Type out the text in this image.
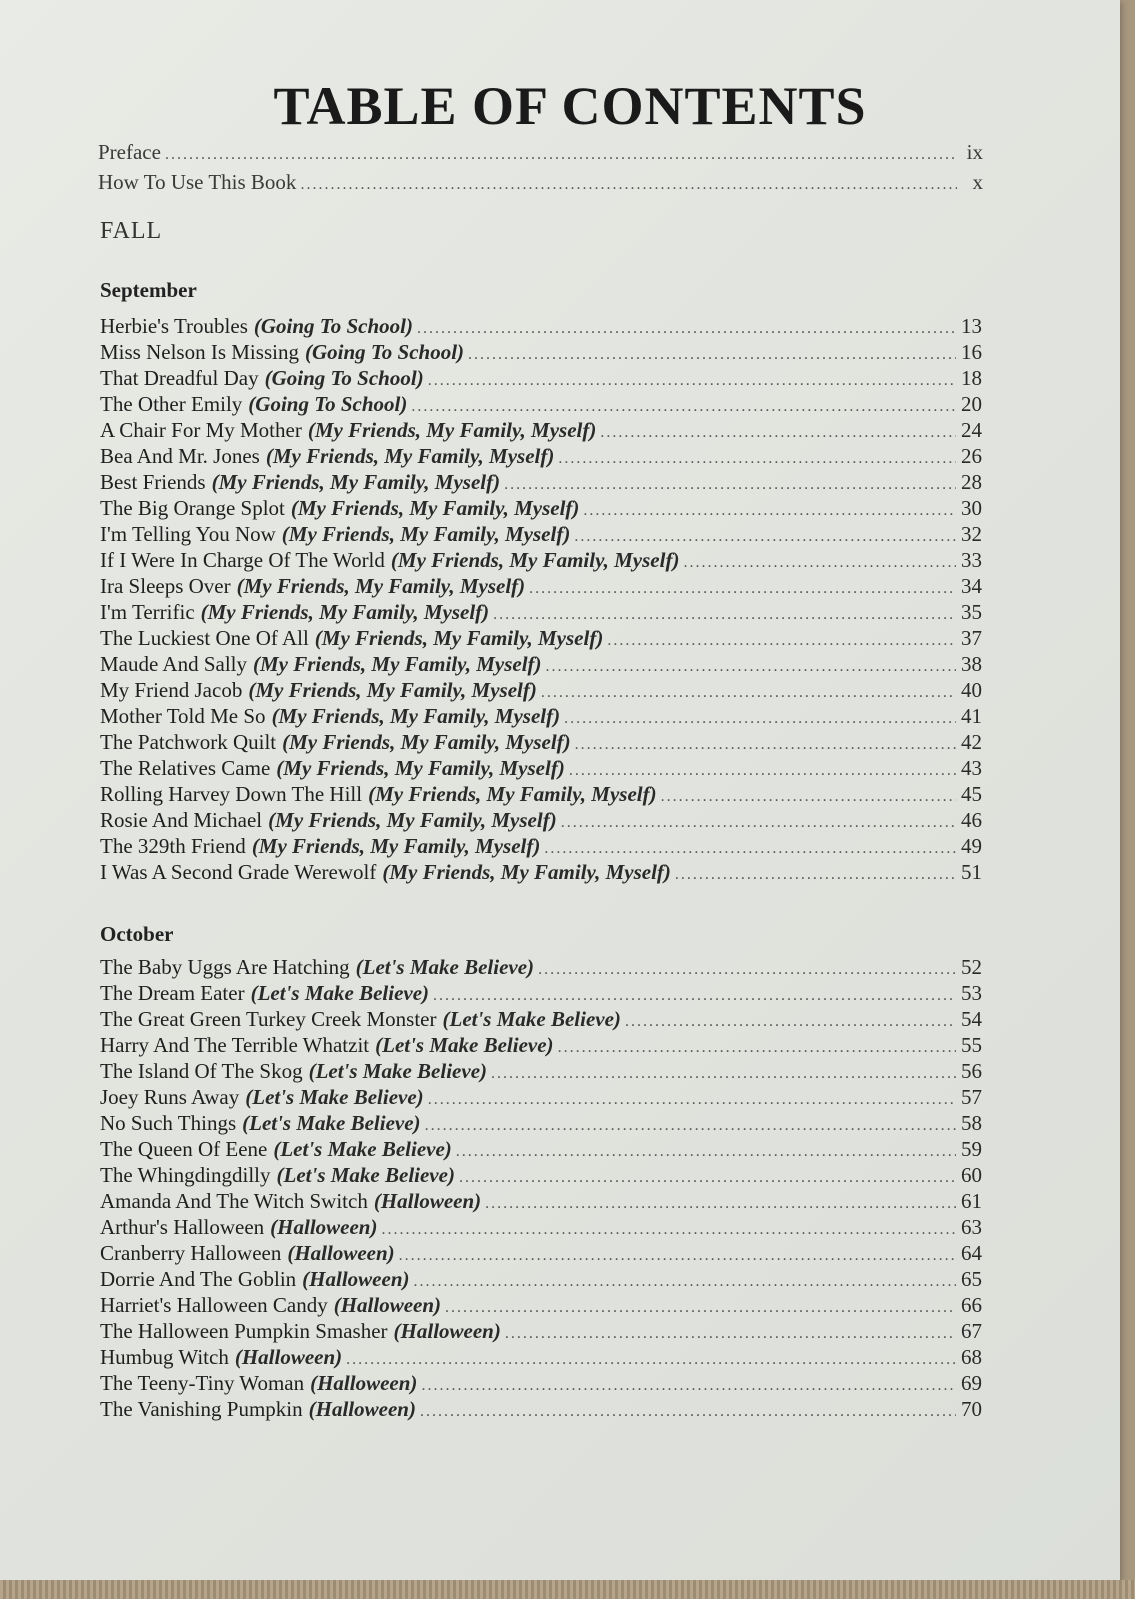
TABLE OF CONTENTS
Preface .....	ix
How To Use This Book .....	x
FALL
September
Herbie's Troubles (Going To School) .....	13
Miss Nelson Is Missing (Going To School) .....	16
That Dreadful Day (Going To School) .....	18
The Other Emily (Going To School) .....	20
A Chair For My Mother (My Friends, My Family, Myself) .....	24
Bea And Mr. Jones (My Friends, My Family, Myself) .....	26
Best Friends (My Friends, My Family, Myself) .....	28
The Big Orange Splot (My Friends, My Family, Myself) .....	30
I'm Telling You Now (My Friends, My Family, Myself) .....	32
If I Were In Charge Of The World (My Friends, My Family, Myself) .....	33
Ira Sleeps Over (My Friends, My Family, Myself) .....	34
I'm Terrific (My Friends, My Family, Myself) .....	35
The Luckiest One Of All (My Friends, My Family, Myself) .....	37
Maude And Sally (My Friends, My Family, Myself) .....	38
My Friend Jacob (My Friends, My Family, Myself) .....	40
Mother Told Me So (My Friends, My Family, Myself) .....	41
The Patchwork Quilt (My Friends, My Family, Myself) .....	42
The Relatives Came (My Friends, My Family, Myself) .....	43
Rolling Harvey Down The Hill (My Friends, My Family, Myself) .....	45
Rosie And Michael (My Friends, My Family, Myself) .....	46
The 329th Friend (My Friends, My Family, Myself) .....	49
I Was A Second Grade Werewolf (My Friends, My Family, Myself) .....	51
October
The Baby Uggs Are Hatching (Let's Make Believe) .....	52
The Dream Eater (Let's Make Believe) .....	53
The Great Green Turkey Creek Monster (Let's Make Believe) .....	54
Harry And The Terrible Whatzit (Let's Make Believe) .....	55
The Island Of The Skog (Let's Make Believe) .....	56
Joey Runs Away (Let's Make Believe) .....	57
No Such Things (Let's Make Believe) .....	58
The Queen Of Eene (Let's Make Believe) .....	59
The Whingdingdilly (Let's Make Believe) .....	60
Amanda And The Witch Switch (Halloween) .....	61
Arthur's Halloween (Halloween) .....	63
Cranberry Halloween (Halloween) .....	64
Dorrie And The Goblin (Halloween) .....	65
Harriet's Halloween Candy (Halloween) .....	66
The Halloween Pumpkin Smasher (Halloween) .....	67
Humbug Witch (Halloween) .....	68
The Teeny-Tiny Woman (Halloween) .....	69
The Vanishing Pumpkin (Halloween) .....	70
